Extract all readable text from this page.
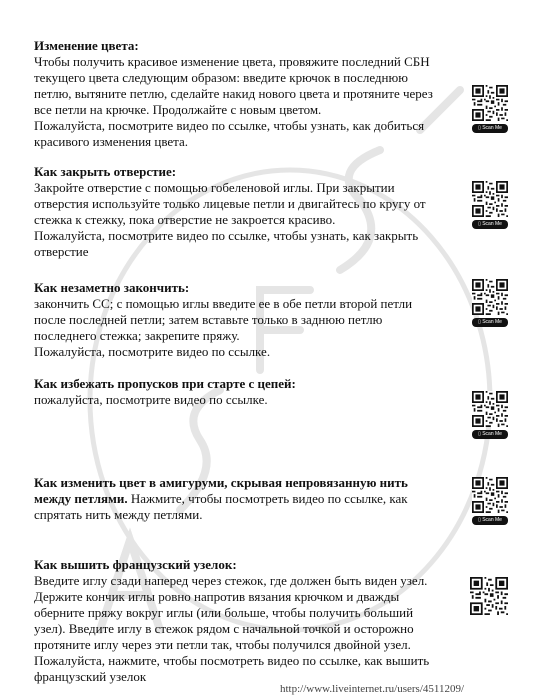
Изменение цвета:

Чтобы получить красивое изменение цвета, провяжите последний СБН

текущего цвета следующим образом: введите крючок в последнюю

петлю, вытяните петлю, сделайте накид нового цвета и протяните через

все петли на крючке. Продолжайте с новым цветом.

Пожалуйста, посмотрите видео по ссылке, чтобы узнать, как добиться

красивого изменения цвета.

▯ Scan Me
Как закрыть отверстие:

Закройте отверстие с помощью гобеленовой иглы. При закрытии

отверстия используйте только лицевые петли и двигайтесь по кругу от

стежка к стежку, пока отверстие не закроется красиво.

Пожалуйста, посмотрите видео по ссылке, чтобы узнать, как закрыть

отверстие

▯ Scan Me
Как незаметно закончить:

закончить СС; с помощью иглы введите ее в обе петли второй петли

после последней петли; затем вставьте только в заднюю петлю

последнего стежка; закрепите пряжу.

Пожалуйста, посмотрите видео по ссылке.

▯ Scan Me
Как избежать пропусков при старте с цепей:

пожалуйста, посмотрите видео по ссылке.

▯ Scan Me
Как изменить цвет в амигуруми, скрывая непровязанную нить

между петлями. Нажмите, чтобы посмотреть видео по ссылке, как

спрятать нить между петлями.	▯ Scan Me
Как вышить французский узелок:

Введите иглу сзади наперед через стежок, где должен быть виден узел.

Держите кончик иглы ровно напротив вязания крючком и дважды

оберните пряжу вокруг иглы (или больше, чтобы получить больший

узел). Введите иглу в стежок рядом с начальной точкой и осторожно

протяните иглу через эти петли так, чтобы получился двойной узел.

Пожалуйста, нажмите, чтобы посмотреть видео по ссылке, как вышить

французский узелок

http://www.liveinternet.ru/users/4511209/
